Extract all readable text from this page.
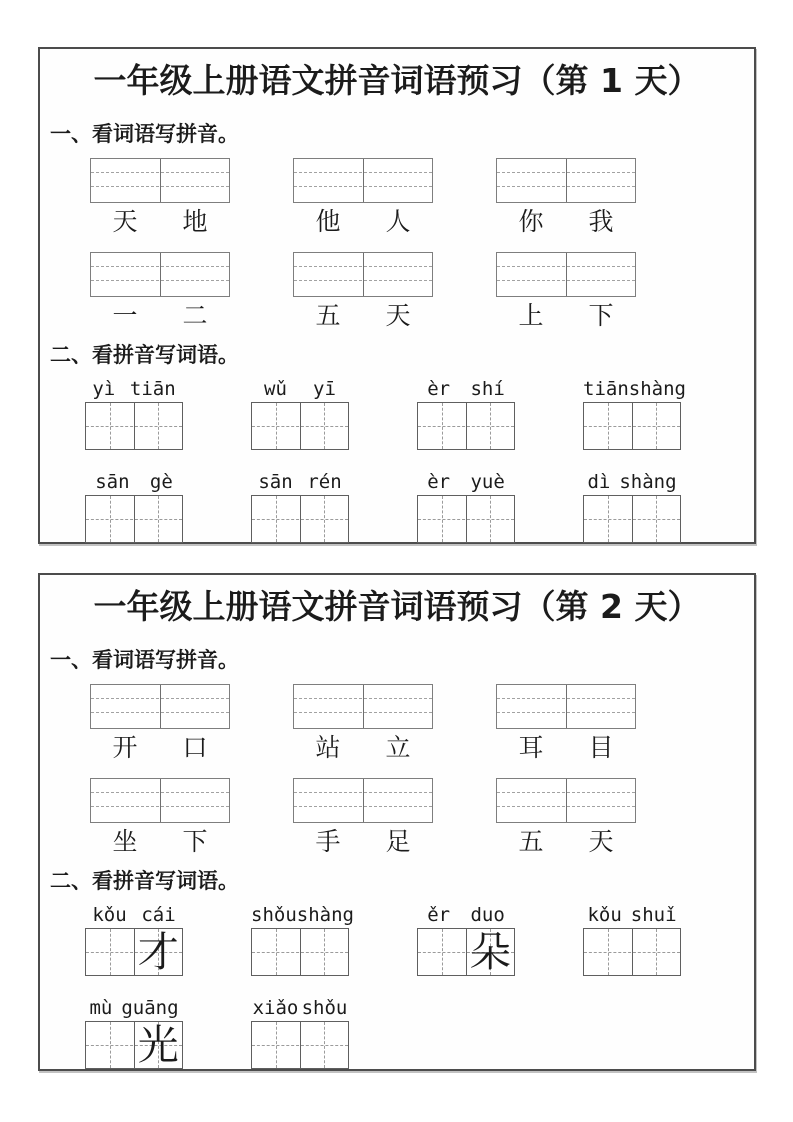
一年级上册语文拼音词语预习（第 1 天）
一、看词语写拼音。
天	地	他	人	你	我
一	二	五	天	上	下
二、看拼音写词语。
yì tiān	wǔ yī	èr shí	tiān shàng
sān gè	sān rén	èr yuè	dì shàng
一年级上册语文拼音词语预习（第 2 天）
一、看词语写拼音。
开	口	站	立	耳	目
坐	下	手	足	五	天
二、看拼音写词语。
kǒu cái
才
shǒu shàng	ěr duo
朵
kǒu shuǐ
mù guāng
光
xiǎo shǒu
